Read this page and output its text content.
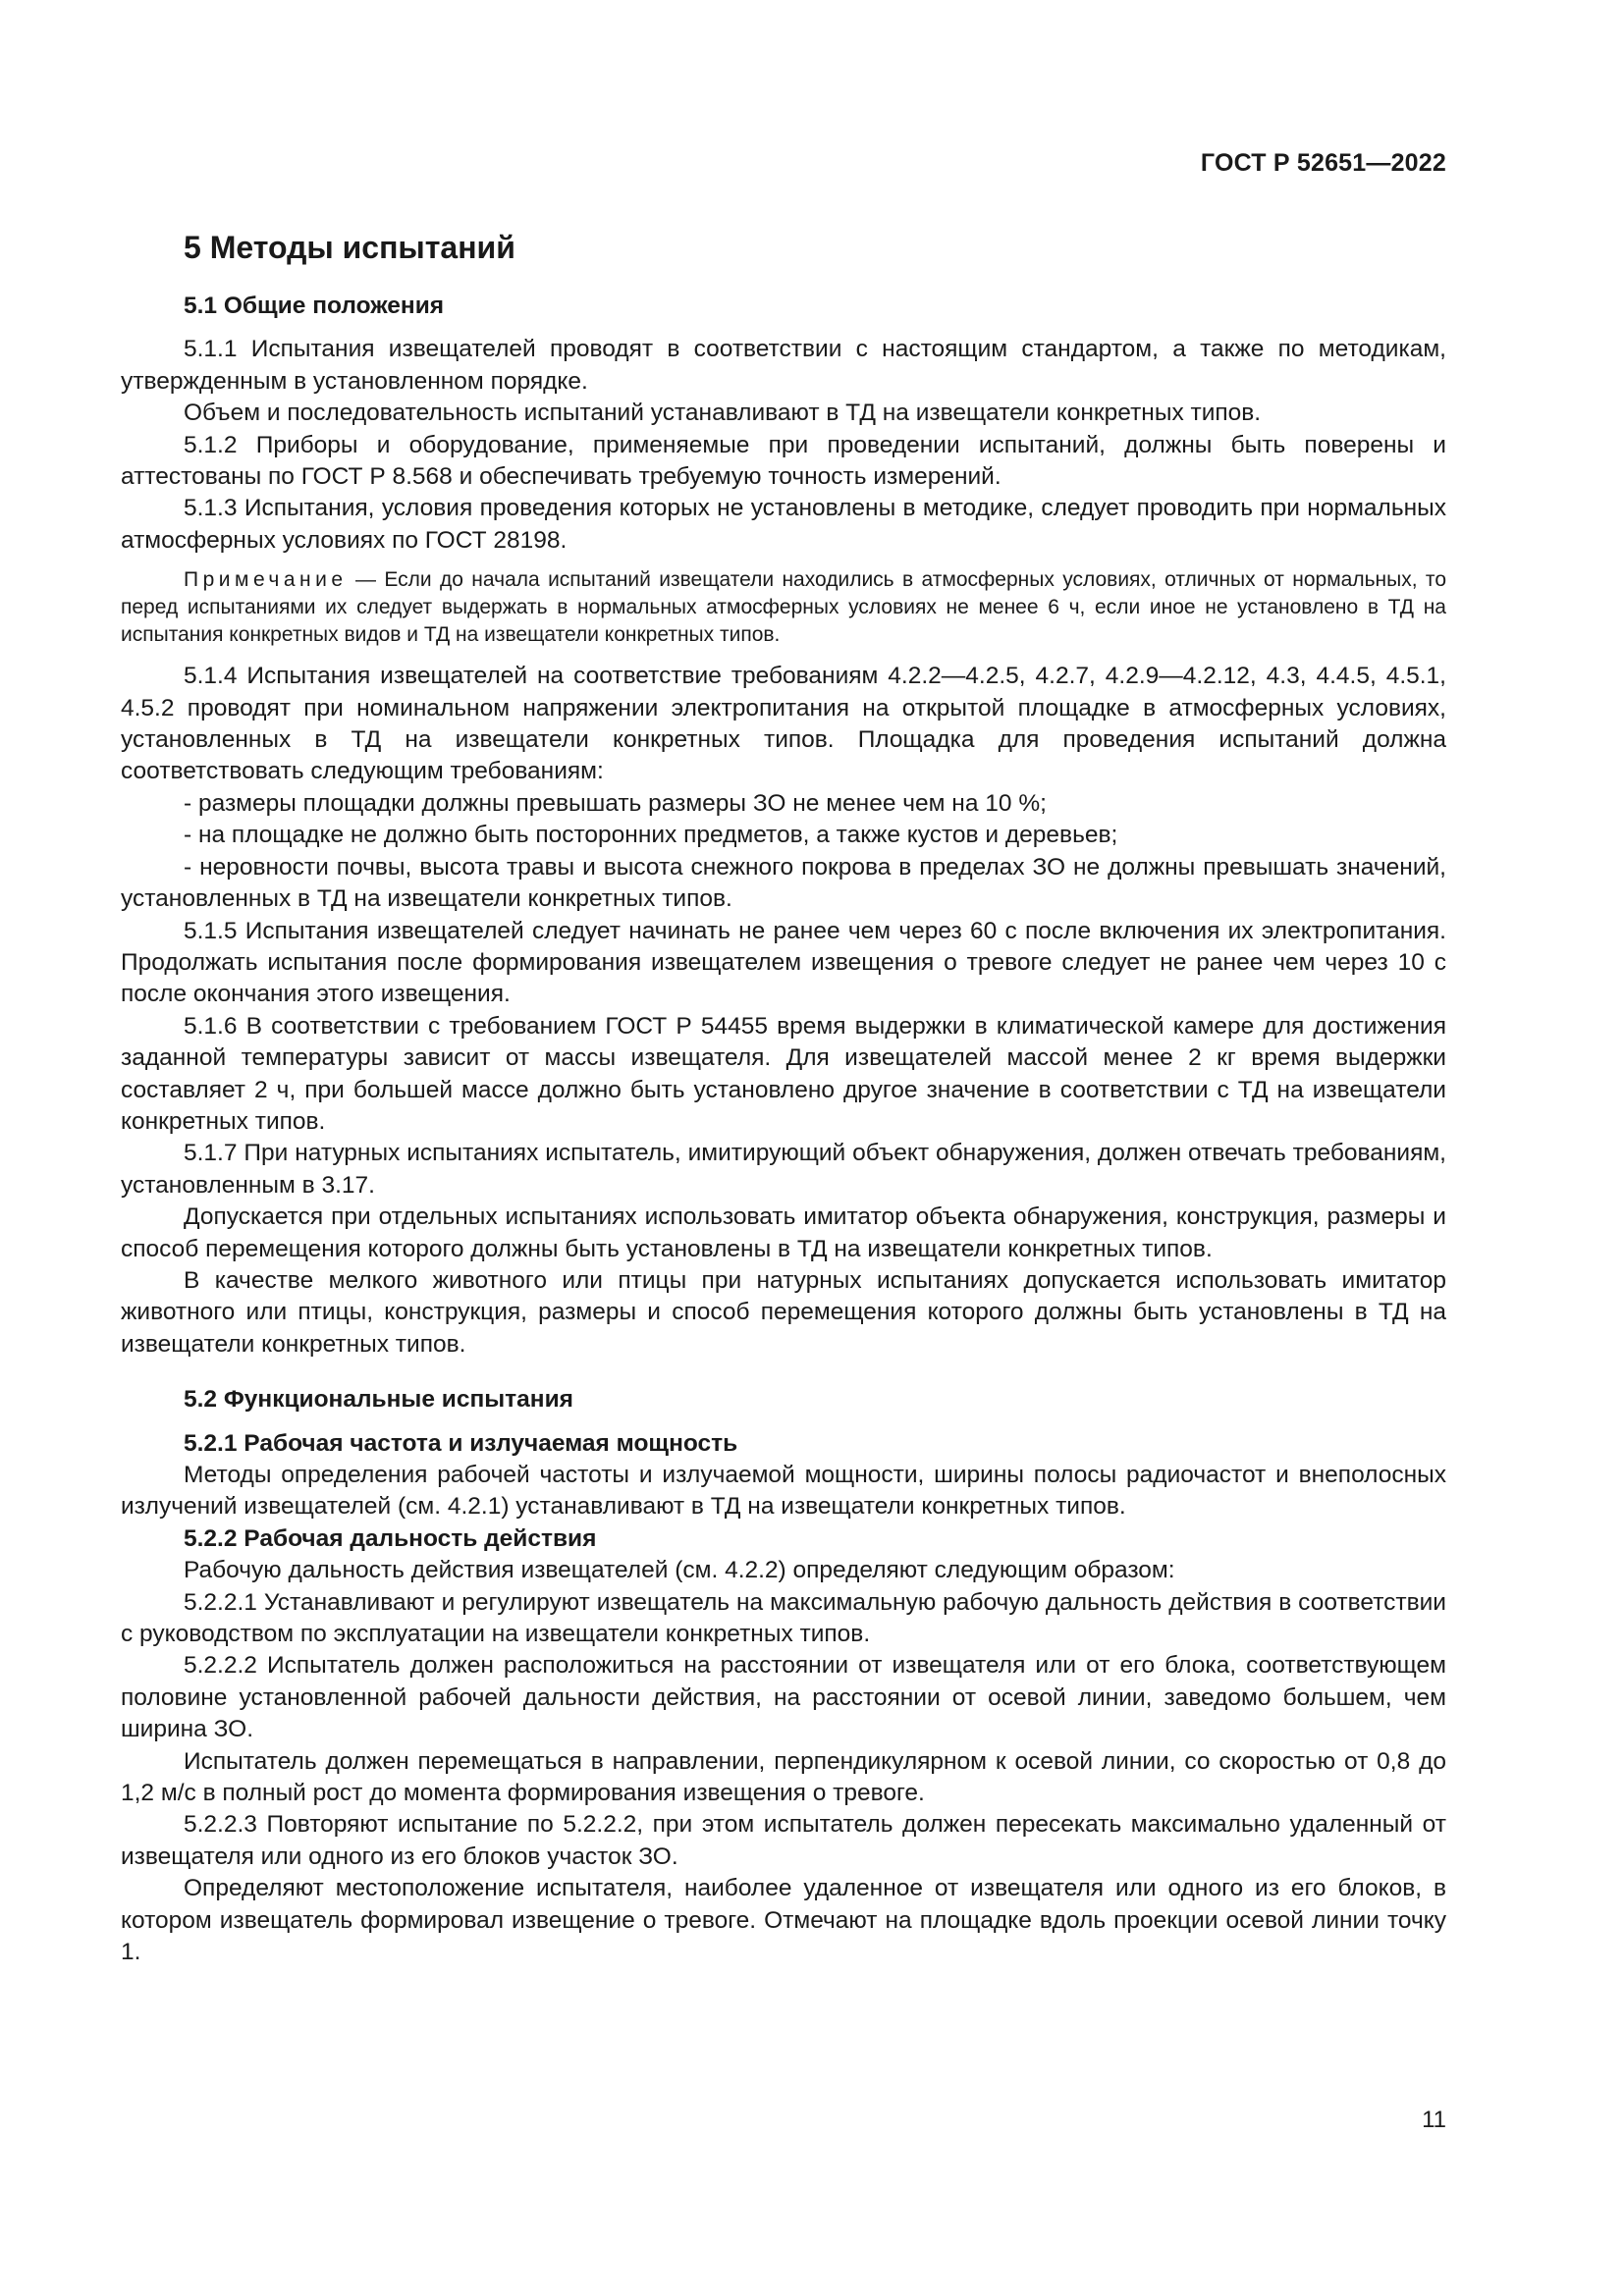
ГОСТ Р 52651—2022
5 Методы испытаний
5.1 Общие положения

5.1.1 Испытания извещателей проводят в соответствии с настоящим стандартом, а также по методикам, утвержденным в установленном порядке.

Объем и последовательность испытаний устанавливают в ТД на извещатели конкретных типов.

5.1.2 Приборы и оборудование, применяемые при проведении испытаний, должны быть поверены и аттестованы по ГОСТ Р 8.568 и обеспечивать требуемую точность измерений.

5.1.3 Испытания, условия проведения которых не установлены в методике, следует проводить при нормальных атмосферных условиях по ГОСТ 28198.

Примечание — Если до начала испытаний извещатели находились в атмосферных условиях, отличных от нормальных, то перед испытаниями их следует выдержать в нормальных атмосферных условиях не менее 6 ч, если иное не установлено в ТД на испытания конкретных видов и ТД на извещатели конкретных типов.

5.1.4 Испытания извещателей на соответствие требованиям 4.2.2—4.2.5, 4.2.7, 4.2.9—4.2.12, 4.3, 4.4.5, 4.5.1, 4.5.2 проводят при номинальном напряжении электропитания на открытой площадке в атмосферных условиях, установленных в ТД на извещатели конкретных типов. Площадка для проведения испытаний должна соответствовать следующим требованиям:

- размеры площадки должны превышать размеры ЗО не менее чем на 10 %;

- на площадке не должно быть посторонних предметов, а также кустов и деревьев;

- неровности почвы, высота травы и высота снежного покрова в пределах ЗО не должны превышать значений, установленных в ТД на извещатели конкретных типов.

5.1.5 Испытания извещателей следует начинать не ранее чем через 60 с после включения их электропитания. Продолжать испытания после формирования извещателем извещения о тревоге следует не ранее чем через 10 с после окончания этого извещения.

5.1.6 В соответствии с требованием ГОСТ Р 54455 время выдержки в климатической камере для достижения заданной температуры зависит от массы извещателя. Для извещателей массой менее 2 кг время выдержки составляет 2 ч, при большей массе должно быть установлено другое значение в соответствии с ТД на извещатели конкретных типов.

5.1.7 При натурных испытаниях испытатель, имитирующий объект обнаружения, должен отвечать требованиям, установленным в 3.17.

Допускается при отдельных испытаниях использовать имитатор объекта обнаружения, конструкция, размеры и способ перемещения которого должны быть установлены в ТД на извещатели конкретных типов.

В качестве мелкого животного или птицы при натурных испытаниях допускается использовать имитатор животного или птицы, конструкция, размеры и способ перемещения которого должны быть установлены в ТД на извещатели конкретных типов.

5.2 Функциональные испытания

5.2.1 Рабочая частота и излучаемая мощность

Методы определения рабочей частоты и излучаемой мощности, ширины полосы радиочастот и внеполосных излучений извещателей (см. 4.2.1) устанавливают в ТД на извещатели конкретных типов.

5.2.2 Рабочая дальность действия

Рабочую дальность действия извещателей (см. 4.2.2) определяют следующим образом:

5.2.2.1 Устанавливают и регулируют извещатель на максимальную рабочую дальность действия в соответствии с руководством по эксплуатации на извещатели конкретных типов.

5.2.2.2 Испытатель должен расположиться на расстоянии от извещателя или от его блока, соответствующем половине установленной рабочей дальности действия, на расстоянии от осевой линии, заведомо большем, чем ширина ЗО.

Испытатель должен перемещаться в направлении, перпендикулярном к осевой линии, со скоростью от 0,8 до 1,2 м/с в полный рост до момента формирования извещения о тревоге.

5.2.2.3 Повторяют испытание по 5.2.2.2, при этом испытатель должен пересекать максимально удаленный от извещателя или одного из его блоков участок ЗО.

Определяют местоположение испытателя, наиболее удаленное от извещателя или одного из его блоков, в котором извещатель формировал извещение о тревоге. Отмечают на площадке вдоль проекции осевой линии точку 1.

11
